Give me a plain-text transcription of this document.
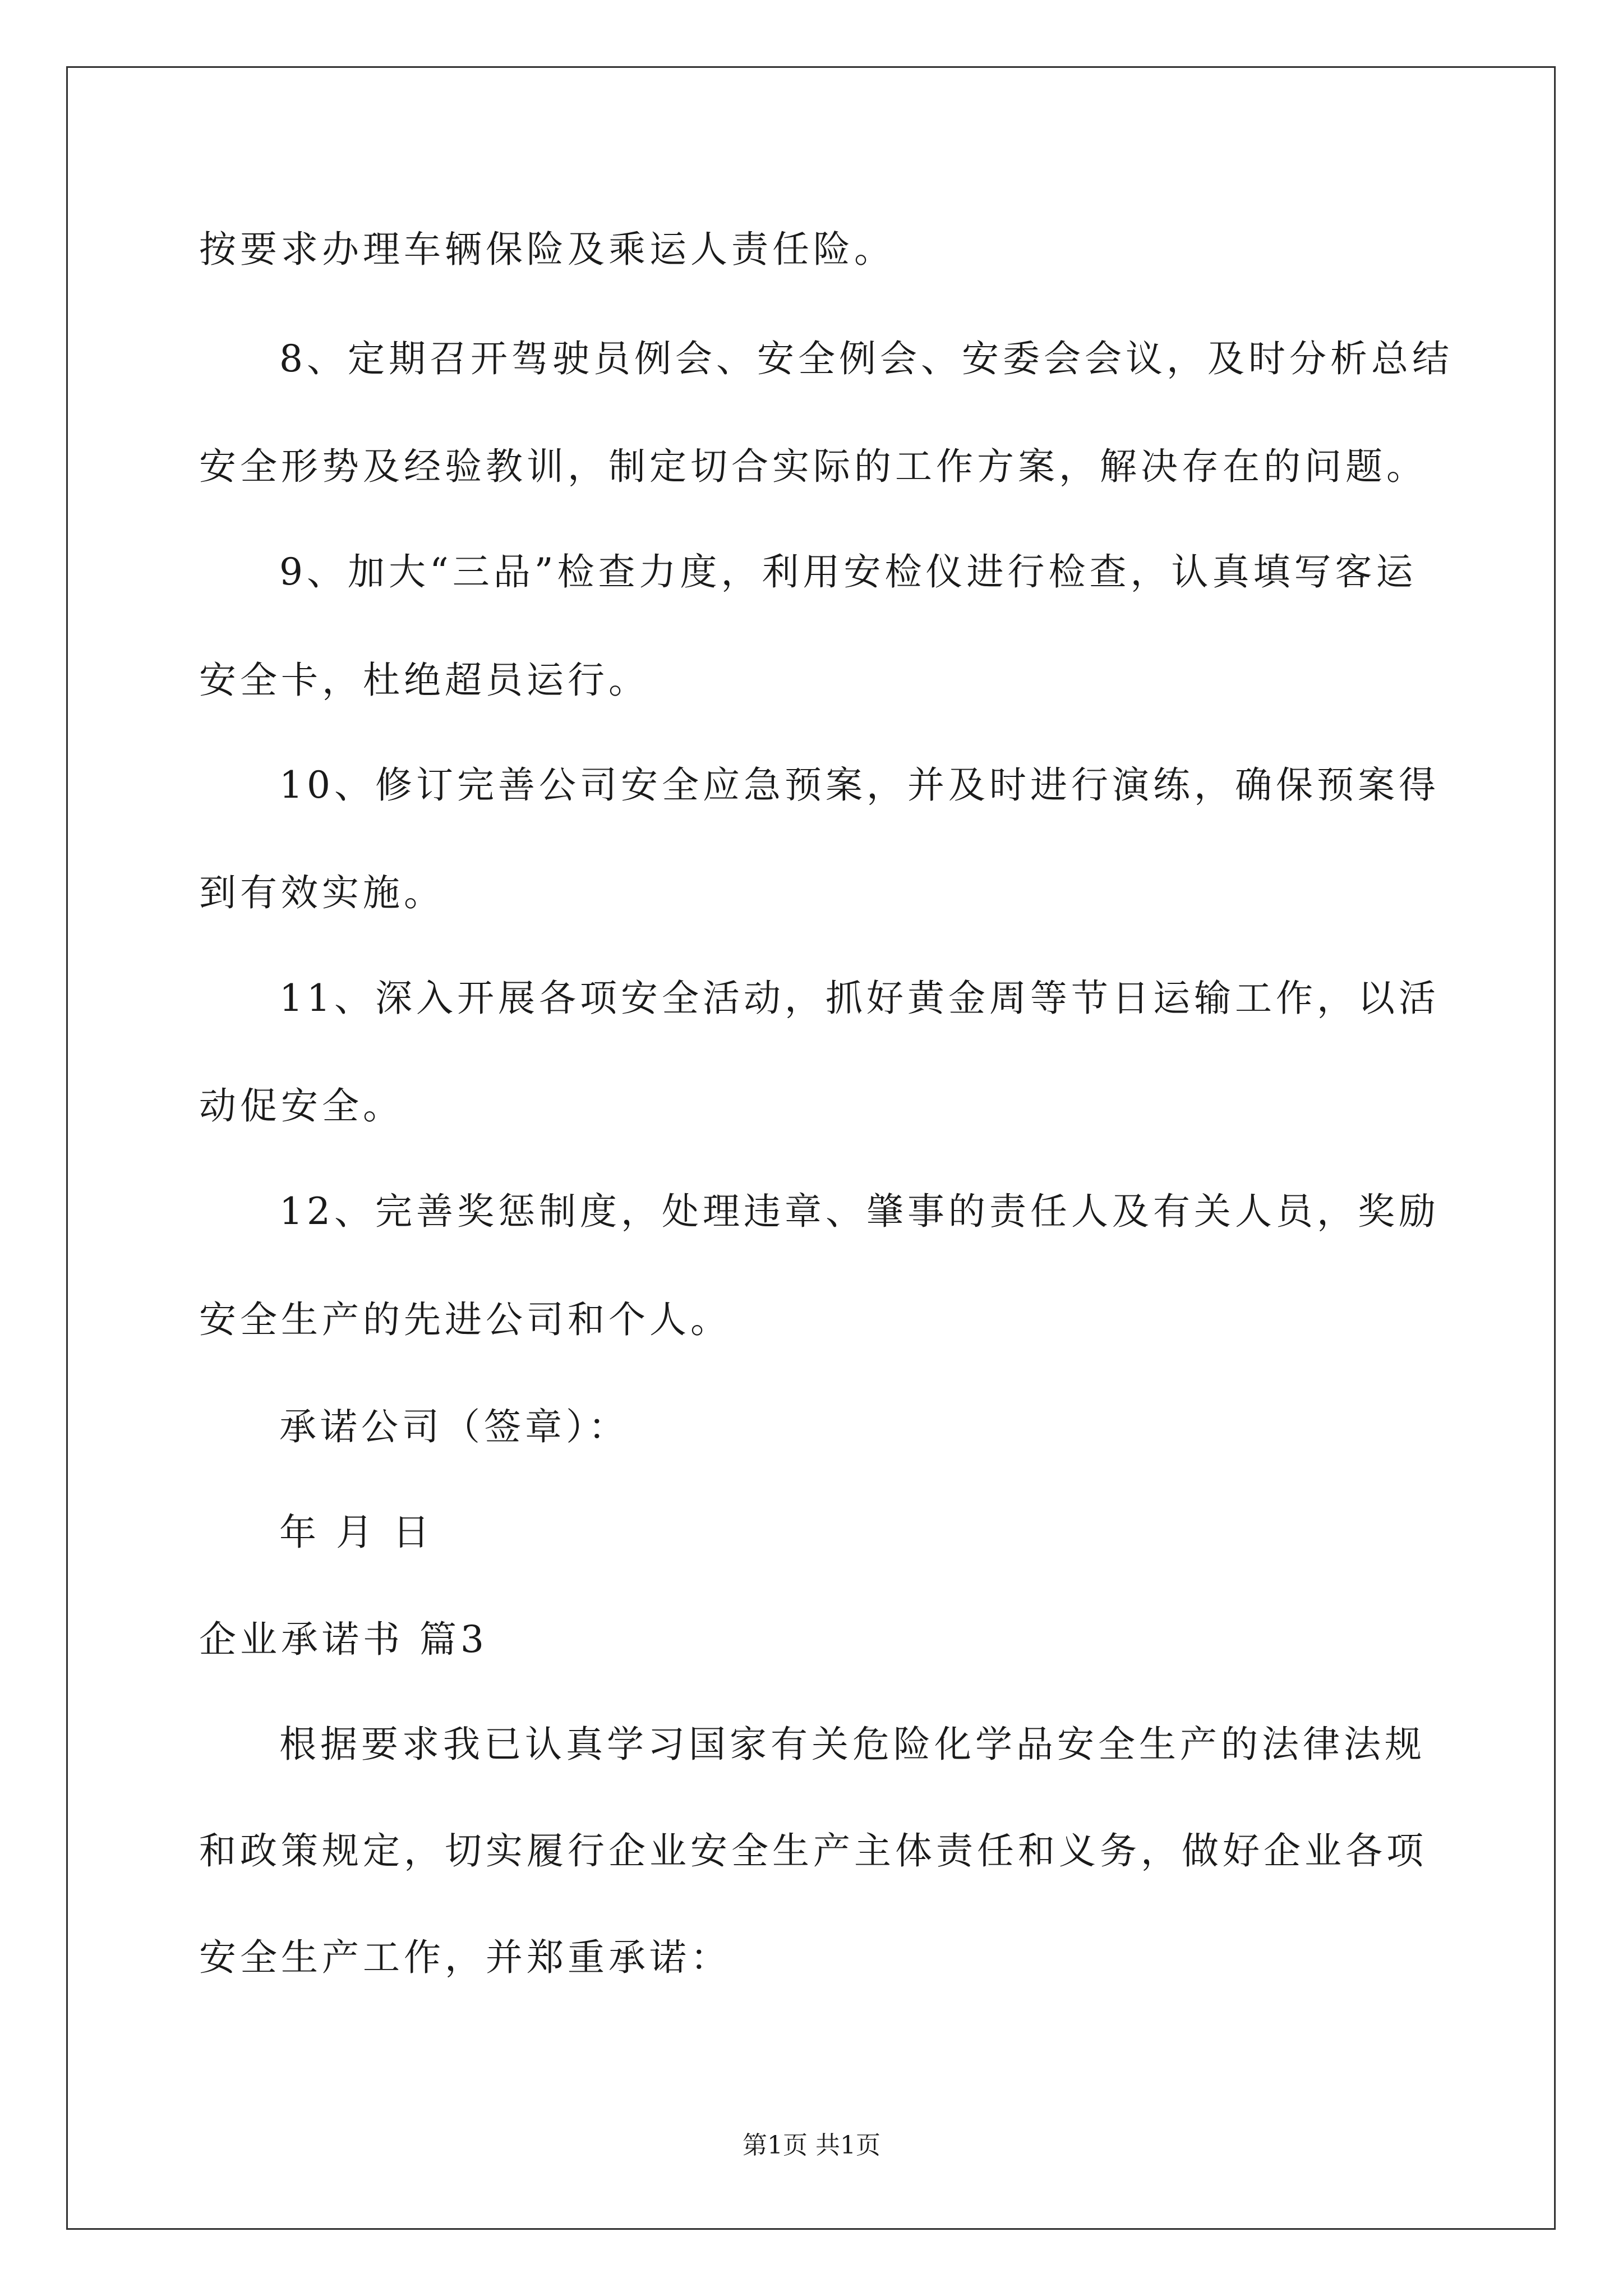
按要求办理车辆保险及乘运人责任险。
8、定期召开驾驶员例会、安全例会、安委会会议，及时分析总结
安全形势及经验教训，制定切合实际的工作方案，解决存在的问题。
9、加大“三品”检查力度，利用安检仪进行检查，认真填写客运
安全卡，杜绝超员运行。
10、修订完善公司安全应急预案，并及时进行演练，确保预案得
到有效实施。
11、深入开展各项安全活动，抓好黄金周等节日运输工作，以活
动促安全。
12、完善奖惩制度，处理违章、肇事的责任人及有关人员，奖励
安全生产的先进公司和个人。
承诺公司（签章）：
年 月 日
企业承诺书 篇3
根据要求我已认真学习国家有关危险化学品安全生产的法律法规
和政策规定，切实履行企业安全生产主体责任和义务，做好企业各项
安全生产工作，并郑重承诺：
第1页 共1页
